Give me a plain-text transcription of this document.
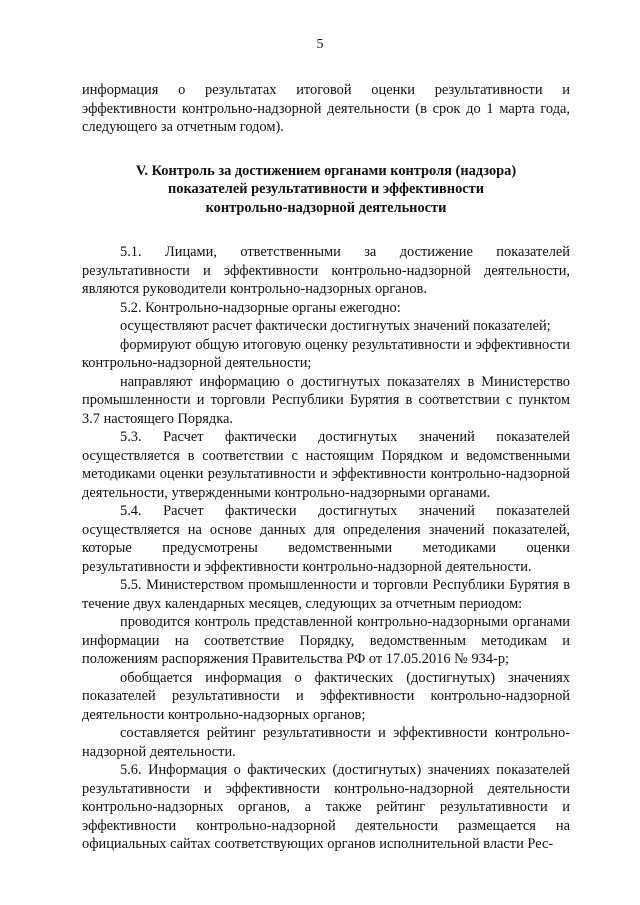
5

информация о результатах итоговой оценки результативности и эффективности контрольно-надзорной деятельности (в срок до 1 марта года, следующего за отчетным годом).

V. Контроль за достижением органами контроля (надзора)
показателей результативности и эффективности
контрольно-надзорной деятельности

5.1. Лицами, ответственными за достижение показателей результативности и эффективности контрольно-надзорной деятельности, являются руководители контрольно-надзорных органов.

5.2. Контрольно-надзорные органы ежегодно:

осуществляют расчет фактически достигнутых значений показателей;

формируют общую итоговую оценку результативности и эффективности контрольно-надзорной деятельности;

направляют информацию о достигнутых показателях в Министерство промышленности и торговли Республики Бурятия в соответствии с пунктом 3.7 настоящего Порядка.

5.3. Расчет фактически достигнутых значений показателей осуществляется в соответствии с настоящим Порядком и ведомственными методиками оценки результативности и эффективности контрольно-надзорной деятельности, утвержденными контрольно-надзорными органами.

5.4. Расчет фактически достигнутых значений показателей осуществляется на основе данных для определения значений показателей, которые предусмотрены ведомственными методиками оценки результативности и эффективности контрольно-надзорной деятельности.

5.5. Министерством промышленности и торговли Республики Бурятия в течение двух календарных месяцев, следующих за отчетным периодом:

проводится контроль представленной контрольно-надзорными органами информации на соответствие Порядку, ведомственным методикам и положениям распоряжения Правительства РФ от 17.05.2016 № 934-р;

обобщается информация о фактических (достигнутых) значениях показателей результативности и эффективности контрольно-надзорной деятельности контрольно-надзорных органов;

составляется рейтинг результативности и эффективности контрольно-надзорной деятельности.

5.6. Информация о фактических (достигнутых) значениях показателей результативности и эффективности контрольно-надзорной деятельности контрольно-надзорных органов, а также рейтинг результативности и эффективности контрольно-надзорной деятельности размещается на официальных сайтах соответствующих органов исполнительной власти Рес-
